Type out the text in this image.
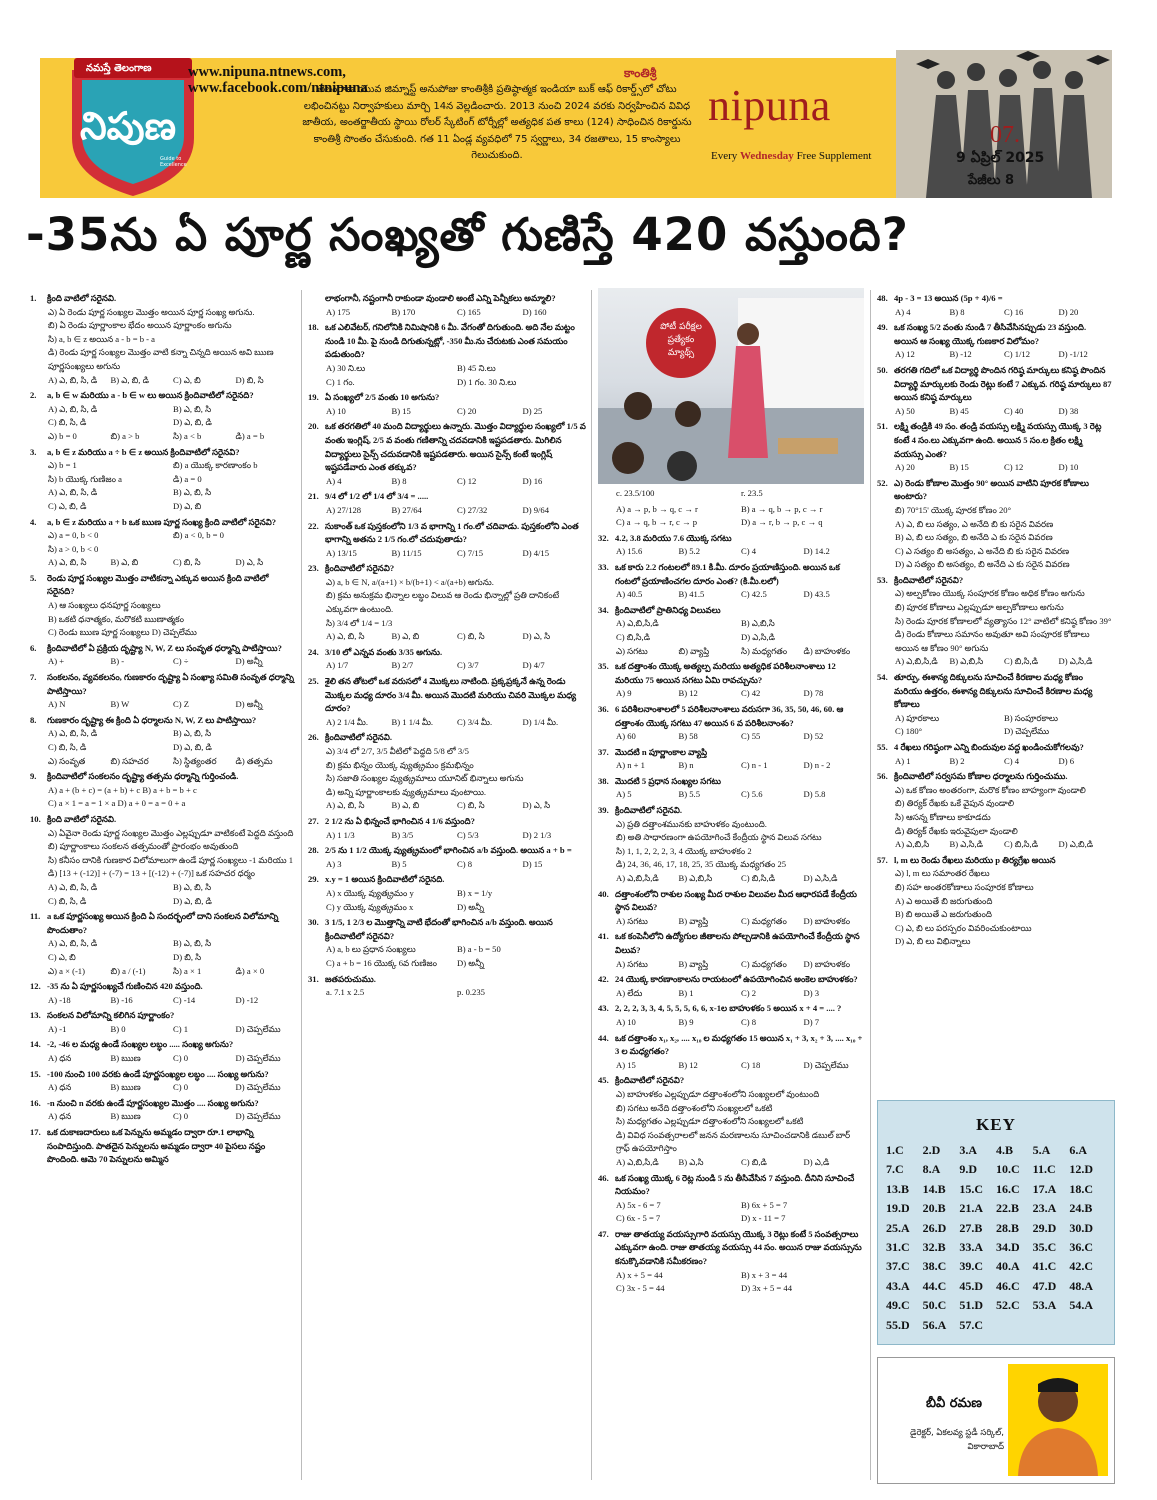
నమస్తే తెలంగాణ
నిపుణ
Guide to Excellence
www.nipuna.ntnews.com,
www.facebook.com/ntnipuna
కాంతిశ్రీ
తెలంగాణ యువ జిమ్నాస్ట్ అనుపోజు కాంతిశ్రీకి ప్రతిష్ఠాత్మక ఇండియా బుక్ ఆఫ్ రికార్డ్స్‌లో చోటు లభించినట్టు నిర్వాహకులు మార్చి 14న వెల్లడించారు. 2013 నుంచి 2024 వరకు నిర్వహించిన వివిధ జాతీయ, అంతర్జాతీయ స్థాయి రోలర్ స్కేటింగ్ టోర్నీల్లో అత్యధిక పత కాలు (124) సాధించిన రికార్డును కాంతిశ్రీ సొంతం చేసుకుంది. గత 11 ఏండ్ల వ్యవధిలో 75 స్వర్ణాలు, 34 రజతాలు, 15 కాంస్యాలు గెలుచుకుంది.
nipuna
Every Wednesday Free Supplement
07.
9 ఏప్రిల్ 2025
పేజీలు 8
-35ను ఏ పూర్ణ సంఖ్యతో గుణిస్తే 420 వస్తుంది?
1. క్రింది వాటిలో సరైనవి.
ఎ) ఏ రెండు పూర్ణ సంఖ్యల మొత్తం అయిన పూర్ణ సంఖ్య అగును.
బి) ఏ రెండు పూర్ణాంకాల భేదం అయిన పూర్ణాంకం అగును
సి) a, b ∈ z అయిన a - b = b - a
డి) రెండు పూర్ణ సంఖ్యల మొత్తం వాటి కన్నా చిన్నది అయిన అవి ఋణ పూర్ణసంఖ్యలు అగును
A) ఎ, బి, సి, డి	B) ఎ, బి, డి	C) ఎ, బి	D) బి, సి
2. a, b ∈ w మరియు a - b ∈ w లు అయిన క్రిందివాటిలో సరైనది?
A) ఎ, బి, సి, డి	B) ఎ, బి, సి
C) బి, సి, డి	D) ఎ, బి, డి
ఎ) b = 0	బి) a > b	సి) a < b	డి) a = b
3. a, b ∈ z మరియు a ÷ b ∈ z అయిన క్రిందివాటిలో సరైనవి?
ఎ) b = 1	బి) a యొక్క కారణాంకం b
సి) b యొక్క గుణిజం a	డి) a = 0
A) ఎ, బి, సి, డి	B) ఎ, బి, సి
C) ఎ, బి, డి	D) ఎ, బి
4. a, b ∈ z మరియు a + b ఒక ఋణ పూర్ణ సంఖ్య క్రింది వాటిలో సరైనవి?
ఎ) a = 0, b < 0	బి) a < 0, b = 0
సి) a > 0, b < 0
A) ఎ, బి, సి	B) ఎ, బి	C) బి, సి	D) ఎ, సి
5. రెండు పూర్ణ సంఖ్యల మొత్తం వాటికన్నా ఎక్కువ అయిన క్రింది వాటిలో సరైనది?
A) ఆ సంఖ్యలు ధనపూర్ణ సంఖ్యలు
B) ఒకటి ధనాత్మకం, మరొకటి ఋణాత్మకం
C) రెండు ఋణ పూర్ణ సంఖ్యలు D) చెప్పలేము
6. క్రిందివాటిలో ఏ ప్రక్రియ దృష్ట్యా N, W, Z లు సంవృత ధర్మాన్ని పాటిస్తాయి?
A) +	B) -	C) ÷	D) అన్నీ
7. సంకలనం, వ్యవకలనం, గుణకారం దృష్ట్యా ఏ సంఖ్యా సమితి సంవృత ధర్మాన్ని పాటిస్తాయి?
A) N	B) W	C) Z	D) అన్నీ
8. గుణకారం దృష్ట్యా ఈ క్రింది ఏ ధర్మాలను N, W, Z లు పాటిస్తాయి?
A) ఎ, బి, సి, డి	B) ఎ, బి, సి
C) బి, సి, డి	D) ఎ, బి, డి
ఎ) సంవృత	బి) సహచర	సి) స్థిత్యంతర	డి) తత్సమ
9. క్రిందివాటిలో సంకలనం దృష్ట్యా తత్సమ ధర్మాన్ని గుర్తించండి.
A) a + (b + c) = (a + b) + c B) a + b = b + c
C) a × 1 = a = 1 × a D) a + 0 = a = 0 + a
10. క్రింది వాటిలో సరైనవి.
ఎ) ఏవైనా రెండు పూర్ణ సంఖ్యల మొత్తం ఎల్లప్పుడూ వాటికంటే పెద్దది వస్తుంది
బి) పూర్ణాంకాలు సంకలన తత్సమంతో ప్రారంభం అవుతుంది
సి) కనీసం దానికి గుణకార విలోమాలుగా ఉండే పూర్ణ సంఖ్యలు -1 మరియు 1
డి) [13 + (-12)] + (-7) = 13 + [(-12) + (-7)] ఒక సహచర ధర్మం
A) ఎ, బి, సి, డి	B) ఎ, బి, సి
C) బి, సి, డి	D) ఎ, బి, డి
11. a ఒక పూర్ణసంఖ్య అయిన క్రింది ఏ సందర్భంలో దాని సంకలన విలోమాన్ని పొందుతాం?
A) ఎ, బి, సి, డి	B) ఎ, బి, సి
C) ఎ, బి	D) బి, సి
ఎ) a × (-1)	బి) a / (-1)	సి) a × 1	డి) a × 0
12. -35 ను ఏ పూర్ణసంఖ్యచే గుణించిన 420 వస్తుంది.
A) -18	B) -16	C) -14	D) -12
13. సంకలన విలోమాన్ని కలిగిన పూర్ణాంకం?
A) -1	B) 0	C) 1	D) చెప్పలేము
14. -2, -46 ల మధ్య ఉండే సంఖ్యల లబ్ధం ..... సంఖ్య అగును?
A) ధన	B) ఋణ	C) 0	D) చెప్పలేము
15. -100 నుంచి 100 వరకు ఉండే పూర్ణసంఖ్యల లబ్ధం .... సంఖ్య అగును?
A) ధన	B) ఋణ	C) 0	D) చెప్పలేము
16. -n నుంచి n వరకు ఉండే పూర్ణసంఖ్యల మొత్తం .... సంఖ్య అగును?
A) ధన	B) ఋణ	C) 0	D) చెప్పలేము
17. ఒక దుకాణదారులు ఒక పెన్నును అమ్మడం ద్వారా రూ.1 లాభాన్ని సంపాదిస్తుంది. పాతదైన పెన్నులను అమ్మడం ద్వారా 40 పైసలు నష్టం పొందింది. ఆమె 70 పెన్నులను అమ్మిన
లాభంగానీ, నష్టంగానీ రాకుండా వుండాలి అంటే ఎన్ని పెన్నీకలు అమ్మాలి?
A) 175	B) 170	C) 165	D) 160
18. ఒక ఎలివేటర్, గనిలోనికి నిమిషానికి 6 మీ. వేగంతో దిగుతుంది. అది నేల మట్టం నుండి 10 మీ. పై నుండి దిగుతున్నట్లో, -350 మీ.ను చేరుటకు ఎంత సమయం పడుతుంది?
A) 30 ని.లు	B) 45 ని.లు
C) 1 గం.	D) 1 గం. 30 ని.లు
19. ఏ సంఖ్యలో 2/5 వంతు 10 అగును?
A) 10	B) 15	C) 20	D) 25
20. ఒక తరగతిలో 40 మంది విద్యార్థులు ఉన్నారు. మొత్తం విద్యార్థుల సంఖ్యలో 1/5 వ వంతు ఇంగ్లిష్, 2/5 వ వంతు గణితాన్ని చదవడానికి ఇష్టపడతారు. మిగిలిన విద్యార్థులు సైన్స్ చదువడానికి ఇష్టపడతారు. అయిన సైన్స్ కంటే ఇంగ్లిష్ ఇష్టపడేవారు ఎంత తక్కువ?
A) 4	B) 8	C) 12	D) 16
21. 9/4 లో 1/2 లో 1/4 లో 3/4 = .....
A) 27/128	B) 27/64	C) 27/32	D) 9/64
22. సుకాంత్ ఒక పుస్తకంలోని 1/3 వ భాగాన్ని 1 గం.లో చదివాడు. పుస్తకంలోని ఎంత భాగాన్ని అతను 2 1/5 గం.లో చదువుతాడు?
A) 13/15	B) 11/15	C) 7/15	D) 4/15
23. క్రిందివాటిలో సరైనవి?
ఎ) a, b ∈ N, a/(a+1) × b/(b+1) < a/(a+b) అగును.
బి) క్రమ అనుక్రమ భిన్నాల లబ్ధం విలువ ఆ రెండు భిన్నాల్లో ప్రతి దానికంటే ఎక్కువగా ఉంటుంది.
సి) 3/4 లో 1/4 = 1/3
A) ఎ, బి, సి	B) ఎ, బి	C) బి, సి	D) ఎ, సి
24. 3/10 లో ఎన్నవ వంతు 3/35 అగును.
A) 1/7	B) 2/7	C) 3/7	D) 4/7
25. శైలి తన తోటలో ఒక వరుసలో 4 మొక్కలు నాటింది. ప్రక్కప్రక్కనే ఉన్న రెండు మొక్కల మధ్య దూరం 3/4 మీ. అయిన మొదటి మరియు చివరి మొక్కల మధ్య దూరం?
A) 2 1/4 మీ.	B) 1 1/4 మీ.	C) 3/4 మీ.	D) 1/4 మీ.
26. క్రిందివాటిలో సరైనవి.
ఎ) 3/4 లో 2/7, 3/5 వీటిలో పెద్దది 5/8 లో 3/5
బి) క్రమ భిన్నం యొక్క వ్యుత్క్రమం క్రమభిన్నం
సి) సజాతి సంఖ్యల వ్యుత్క్రమాలు యూనిట్ భిన్నాలు అగును
డి) అన్ని పూర్ణాంకాలకు వ్యుత్క్రమాలు వుంటాయి.
A) ఎ, బి, సి	B) ఎ, బి	C) బి, సి	D) ఎ, సి
27. 2 1/2 ను ఏ భిన్నంచే భాగించిన 4 1/6 వస్తుంది?
A) 1 1/3	B) 3/5	C) 5/3	D) 2 1/3
28. 2/5 ను 1 1/2 యొక్క వ్యుత్క్రమంలో భాగించిన a/b వస్తుంది. అయిన a + b =
A) 3	B) 5	C) 8	D) 15
29. x.y = 1 అయిన క్రిందివాటిలో సరైనది.
A) x యొక్క వ్యుత్క్రమం y	B) x = 1/y
C) y యొక్క వ్యుత్క్రమం x	D) అన్నీ
30. 3 1/5, 1 2/3 ల మొత్తాన్ని వాటి భేదంతో భాగించిన a/b వస్తుంది. అయిన క్రిందివాటిలో సరైనవి?
A) a, b లు ప్రధాన సంఖ్యలు	B) a - b = 50
C) a + b = 16 యొక్క 6వ గుణిజం	D) అన్నీ
31. జతపరుచుము.
a. 7.1 x 2.5	p. 0.235
పోటీ పరీక్షల
ప్రత్యేకం
మ్యాథ్స్
c. 23.5/100	r. 23.5
A) a → p, b → q, c → r	B) a → q, b → p, c → r
C) a → q, b → r, c → p	D) a → r, b → p, c → q
32. 4.2, 3.8 మరియు 7.6 యొక్క సగటు
A) 15.6	B) 5.2	C) 4	D) 14.2
33. ఒక కారు 2.2 గంటలలో 89.1 కి.మీ. దూరం ప్రయాణిస్తుంది. అయిన ఒక గంటలో ప్రయాణించగల దూరం ఎంత? (కి.మీ.లలో)
A) 40.5	B) 41.5	C) 42.5	D) 43.5
34. క్రిందివాటిలో ప్రాతినిధ్య విలువలు
A) ఎ,బి,సి,డి	B) ఎ,బి,సి
C) బి,సి,డి	D) ఎ,సి,డి
ఎ) సగటు	బి) వ్యాప్తి	సి) మధ్యగతం	డి) బాహుళకం
35. ఒక దత్తాంశం యొక్క అత్యల్ప మరియు అత్యధిక పరిశీలనాంశాలు 12 మరియు 75 అయిన సగటు ఏమి రావచ్చును?
A) 9	B) 12	C) 42	D) 78
36. 6 పరిశీలనాంశాలలో 5 పరిశీలనాంశాలు వరుసగా 36, 35, 50, 46, 60. ఆ దత్తాంశం యొక్క సగటు 47 అయిన 6 వ పరిశీలనాంశం?
A) 60	B) 58	C) 55	D) 52
37. మొదటి n పూర్ణాంకాల వ్యాప్తి
A) n + 1	B) n	C) n - 1	D) n - 2
38. మొదటి 5 ప్రధాన సంఖ్యల సగటు
A) 5	B) 5.5	C) 5.6	D) 5.8
39. క్రిందివాటిలో సరైనవి.
ఎ) ప్రతి దత్తాంశమునకు బాహుళకం వుంటుంది.
బి) అతి సాధారణంగా ఉపయోగించే కేంద్రీయ స్థాన విలువ సగటు
సి) 1, 1, 2, 2, 2, 3, 4 యొక్క బాహుళకం 2
డి) 24, 36, 46, 17, 18, 25, 35 యొక్క మధ్యగతం 25
A) ఎ,బి,సి,డి	B) ఎ,బి,సి	C) బి,సి,డి	D) ఎ,సి,డి
40. దత్తాంశంలోని రాశుల సంఖ్య మీద రాశుల విలువల మీద ఆధారపడే కేంద్రీయ స్థాన విలువ?
A) సగటు	B) వ్యాప్తి	C) మధ్యగతం	D) బాహుళకం
41. ఒక కంపెనీలోని ఉద్యోగుల జీతాలను పోల్చడానికి ఉపయోగించే కేంద్రీయ స్థాన విలువ?
A) సగటు	B) వ్యాప్తి	C) మధ్యగతం	D) బాహుళకం
42. 24 యొక్క కారణాంకాలను రాయటంలో ఉపయోగించిన అంకెల బాహుళకం?
A) లేదు	B) 1	C) 2	D) 3
43. 2, 2, 2, 3, 3, 4, 5, 5, 5, 6, 6, x-1ల బాహుళకం 5 అయిన x + 4 = .... ?
A) 10	B) 9	C) 8	D) 7
44. ఒక దత్తాంశం x₁, x₂, .... x₁₀ ల మధ్యగతం 15 అయిన x₁ + 3, x₂ + 3, .... x₁₀ + 3 ల మధ్యగతం?
A) 15	B) 12	C) 18	D) చెప్పలేము
45. క్రిందివాటిలో సరైనవి?
ఎ) బాహుళకం ఎల్లప్పుడూ దత్తాంశంలోని సంఖ్యలలో వుంటుంది
బి) సగటు అనేది దత్తాంశంలోని సంఖ్యలలో ఒకటి
సి) మధ్యగతం ఎల్లప్పుడూ దత్తాంశంలోని సంఖ్యలలో ఒకటి
డి) వివిధ సంవత్సరాలలో జనన మరణాలను సూచించడానికి డబుల్ బార్ గ్రాఫ్ ఉపయోగిస్తాం
A) ఎ,బి,సి,డి	B) ఎ,సి	C) బి,డి	D) ఎ,డి
46. ఒక సంఖ్య యొక్క 6 రెట్ల నుండి 5 ను తీసివేసిన 7 వస్తుంది. దీనిని సూచించే నియమం?
A) 5x - 6 = 7	B) 6x + 5 = 7
C) 6x - 5 = 7	D) x - 11 = 7
47. రాజు తాతయ్య వయస్సుగారి వయస్సు యొక్క 3 రెట్లు కంటే 5 సంవత్సరాలు ఎక్కువగా ఉంది. రాజు తాతయ్య వయస్సు 44 సం. అయిన రాజు వయస్సును కనుక్కొవడానికి సమీకరణం?
A) x + 5 = 44	B) x + 3 = 44
C) 3x - 5 = 44	D) 3x + 5 = 44
48. 4p - 3 = 13 అయిన (5p + 4)/6 =
A) 4	B) 8	C) 16	D) 20
49. ఒక సంఖ్య 5/2 వంతు నుండి 7 తీసివేసినప్పుడు 23 వస్తుంది. అయిన ఆ సంఖ్య యొక్క గుణకార విలోమం?
A) 12	B) -12	C) 1/12	D) -1/12
50. తరగతి గదిలో ఒక విద్యార్థి పొందిన గరిష్ఠ మార్కులు కనిష్ఠ పొందిన విద్యార్థి మార్కులకు రెండు రెట్లు కంటే 7 ఎక్కువ. గరిష్ఠ మార్కులు 87 అయిన కనిష్ఠ మార్కులు
A) 50	B) 45	C) 40	D) 38
51. లక్ష్మి తండ్రికి 49 సం. తండ్రి వయస్సు లక్ష్మి వయస్సు యొక్క 3 రెట్ల కంటే 4 సం.లు ఎక్కువగా ఉంది. అయిన 5 సం.ల క్రితం లక్ష్మి వయస్సు ఎంత?
A) 20	B) 15	C) 12	D) 10
52. ఎ) రెండు కోణాల మొత్తం 90° అయిన వాటిని పూరక కోణాలు అంటారు?
బి) 70°15' యొక్క పూరక కోణం 20°
A) ఎ, బి లు సత్యం, ఎ అనేది బి కు సరైన వివరణ
B) ఎ, బి లు సత్యం, బి అనేది ఎ కు సరైన వివరణ
C) ఎ సత్యం బి అసత్యం, ఎ అనేది బి కు సరైన వివరణ
D) ఎ సత్యం బి అసత్యం, బి అనేది ఎ కు సరైన వివరణ
53. క్రిందివాటిలో సరైనవి?
ఎ) అల్పకోణం యొక్క సంపూరక కోణం అధిక కోణం అగును
బి) పూరక కోణాలు ఎల్లప్పుడూ అల్పకోణాలు అగును
సి) రెండు పూరక కోణాలలో వ్యత్యాసం 12° వాటిలో కనిష్ఠ కోణం 39°
డి) రెండు కోణాలు సమానం అవుతూ అవి సంపూరక కోణాలు అయిన ఆ కోణం 90° అగును
A) ఎ,బి,సి,డి	B) ఎ,బి,సి	C) బి,సి,డి	D) ఎ,సి,డి
54. తూర్పు, ఈశాన్య దిక్కులను సూచించే కిరణాల మధ్య కోణం మరియు ఉత్తరం, ఈశాన్య దిక్కులను సూచించే కిరణాల మధ్య కోణాలు
A) పూరకాలు	B) సంపూరకాలు
C) 180°	D) చెప్పలేము
55. 4 రేఖలు గరిష్ఠంగా ఎన్ని బిందువుల వద్ద ఖండించుకోగలవు?
A) 1	B) 2	C) 4	D) 6
56. క్రిందివాటిలో సర్వసమ కోణాల ధర్మాలను గుర్తించుము.
ఎ) ఒక కోణం అంతరంగా, మరొక కోణం బాహ్యంగా వుండాలి
బి) తిర్యక్ రేఖకు ఒకే వైపున వుండాలి
సి) ఆసన్న కోణాలు కాకూడదు
డి) తిర్యక్ రేఖకు ఇరువైపులా వుండాలి
A) ఎ,బి,సి	B) ఎ,సి,డి	C) బి,సి,డి	D) ఎ,బి,డి
57. l, m లు రెండు రేఖలు మరియు p తిర్యగ్రేఖ అయిన
ఎ) l, m లు సమాంతర రేఖలు
బి) సహ అంతరకోణాలు సంపూరక కోణాలు
A) ఎ అయితే బి జరుగుతుంది
B) బి అయితే ఎ జరుగుతుంది
C) ఎ, బి లు పరస్పరం వివరించుకుంటాయి
D) ఎ, బి లు విభిన్నాలు
KEY
1.C	2.D	3.A	4.B	5.A	6.A
7.C	8.A	9.D	10.C	11.C	12.D
13.B	14.B	15.C	16.C	17.A	18.C
19.D	20.B	21.A	22.B	23.A	24.B
25.A	26.D	27.B	28.B	29.D	30.D
31.C	32.B	33.A	34.D	35.C	36.C
37.C	38.C	39.C	40.A	41.C	42.C
43.A	44.C	45.D	46.C	47.D	48.A
49.C	50.C	51.D	52.C	53.A	54.A
55.D	56.A	57.C
బీవీ రమణ
డైరెక్టర్, ఏకలవ్య స్టడీ సర్కిల్, వికారాబాద్
